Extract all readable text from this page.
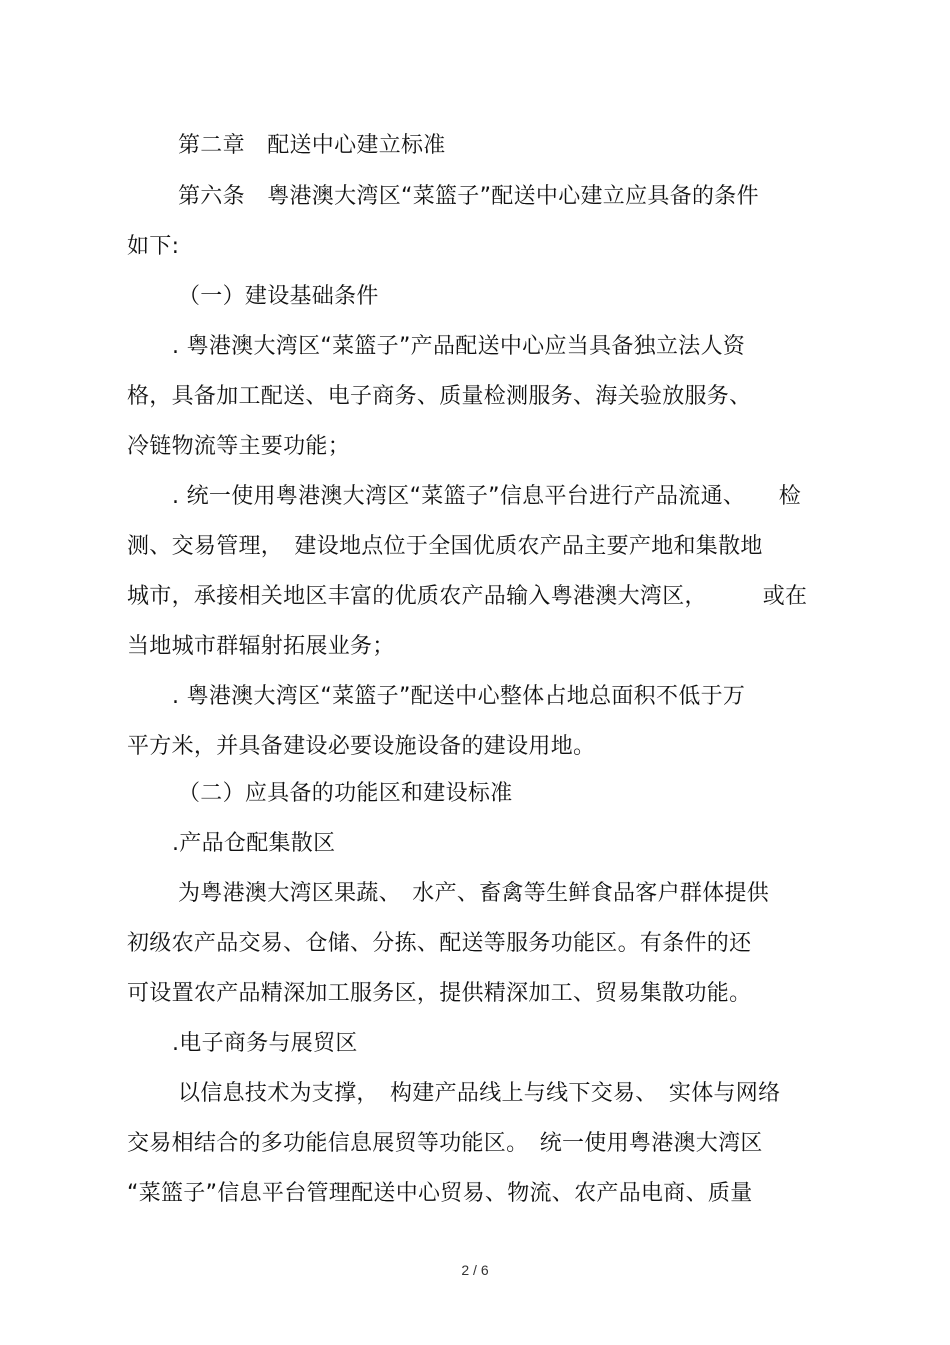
第二章　配送中心建立标准
第六条　粤港澳大湾区“菜篮子”配送中心建立应具备的条件
如下:
（一）建设基础条件
. 粤港澳大湾区“菜篮子”产品配送中心应当具备独立法人资
格，具备加工配送、电子商务、质量检测服务、海关验放服务、
冷链物流等主要功能；
. 统一使用粤港澳大湾区“菜篮子”信息平台进行产品流通、　　检
测、交易管理，　建设地点位于全国优质农产品主要产地和集散地
城市，承接相关地区丰富的优质农产品输入粤港澳大湾区，　　　或在
当地城市群辐射拓展业务；
. 粤港澳大湾区“菜篮子”配送中心整体占地总面积不低于万
平方米，并具备建设必要设施设备的建设用地。
（二）应具备的功能区和建设标准
.产品仓配集散区
为粤港澳大湾区果蔬、　水产、畜禽等生鲜食品客户群体提供
初级农产品交易、仓储、分拣、配送等服务功能区。有条件的还
可设置农产品精深加工服务区，提供精深加工、贸易集散功能。
.电子商务与展贸区
以信息技术为支撑，　构建产品线上与线下交易、　实体与网络
交易相结合的多功能信息展贸等功能区。　统一使用粤港澳大湾区
“菜篮子”信息平台管理配送中心贸易、物流、农产品电商、质量
2 / 6
